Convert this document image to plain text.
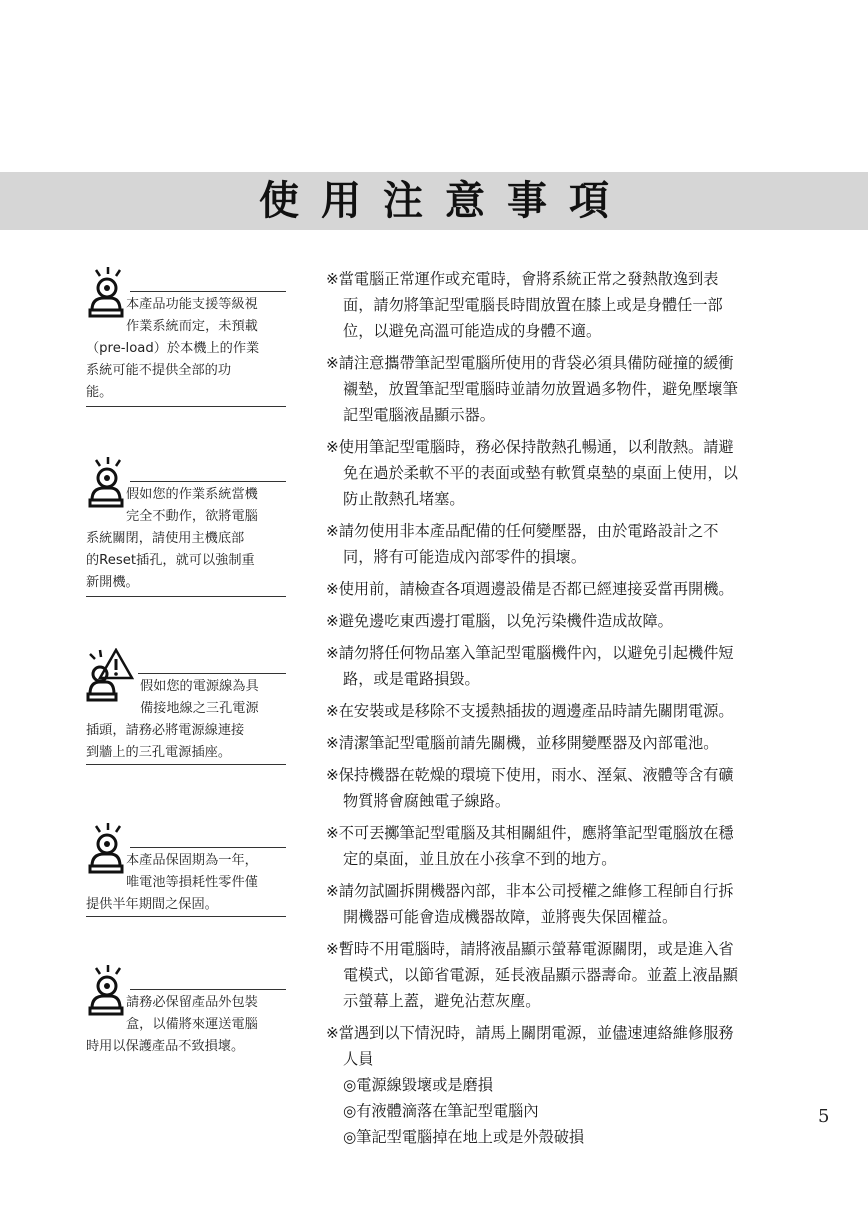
使用注意事項
本產品功能支援等級視
作業系統而定，未預載
（pre-load）於本機上的作業
系統可能不提供全部的功
能。
假如您的作業系統當機
完全不動作，欲將電腦
系統關閉，請使用主機底部
的Reset插孔，就可以強制重
新開機。
假如您的電源線為具
備接地線之三孔電源
插頭，請務必將電源線連接
到牆上的三孔電源插座。
本產品保固期為一年，
唯電池等損耗性零件僅
提供半年期間之保固。
請務必保留產品外包裝
盒，以備將來運送電腦
時用以保護產品不致損壞。
※當電腦正常運作或充電時，會將系統正常之發熱散逸到表
面，請勿將筆記型電腦長時間放置在膝上或是身體任一部
位，以避免高溫可能造成的身體不適。
※請注意攜帶筆記型電腦所使用的背袋必須具備防碰撞的緩衝
襯墊，放置筆記型電腦時並請勿放置過多物件，避免壓壞筆
記型電腦液晶顯示器。
※使用筆記型電腦時，務必保持散熱孔暢通，以利散熱。請避
免在過於柔軟不平的表面或墊有軟質桌墊的桌面上使用，以
防止散熱孔堵塞。
※請勿使用非本產品配備的任何變壓器，由於電路設計之不
同，將有可能造成內部零件的損壞。
※使用前，請檢查各項週邊設備是否都已經連接妥當再開機。
※避免邊吃東西邊打電腦，以免污染機件造成故障。
※請勿將任何物品塞入筆記型電腦機件內，以避免引起機件短
路，或是電路損毀。
※在安裝或是移除不支援熱插拔的週邊產品時請先關閉電源。
※清潔筆記型電腦前請先關機，並移開變壓器及內部電池。
※保持機器在乾燥的環境下使用，雨水、溼氣、液體等含有礦
物質將會腐蝕電子線路。
※不可丟擲筆記型電腦及其相關組件，應將筆記型電腦放在穩
定的桌面，並且放在小孩拿不到的地方。
※請勿試圖拆開機器內部，非本公司授權之維修工程師自行拆
開機器可能會造成機器故障，並將喪失保固權益。
※暫時不用電腦時，請將液晶顯示螢幕電源關閉，或是進入省
電模式，以節省電源，延長液晶顯示器壽命。並蓋上液晶顯
示螢幕上蓋，避免沾惹灰塵。
※當遇到以下情況時，請馬上關閉電源，並儘速連絡維修服務
人員
◎電源線毀壞或是磨損
◎有液體滴落在筆記型電腦內
◎筆記型電腦掉在地上或是外殼破損
5
